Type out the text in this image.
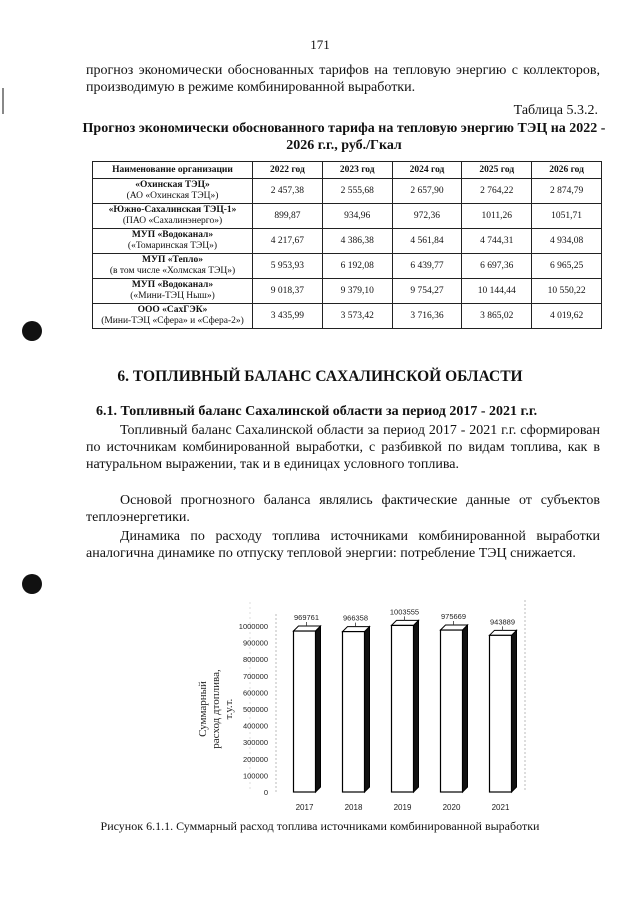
171
прогноз экономически обоснованных тарифов на тепловую энергию с коллекторов, производимую в режиме комбинированной выработки.
Таблица 5.3.2.
Прогноз экономически обоснованного тарифа на тепловую энергию ТЭЦ на 2022 - 2026 г.г., руб./Гкал
Наименование организации	2022 год	2023 год	2024 год	2025 год	2026 год

«Охинская ТЭЦ»
(АО «Охинская ТЭЦ»)	2 457,38	2 555,68	2 657,90	2 764,22	2 874,79

«Южно-Сахалинская ТЭЦ-1»
(ПАО «Сахалинэнерго»)	899,87	934,96	972,36	1011,26	1051,71

МУП «Водоканал»
(«Томаринская ТЭЦ»)	4 217,67	4 386,38	4 561,84	4 744,31	4 934,08

МУП «Тепло»
(в том числе «Холмская ТЭЦ»)	5 953,93	6 192,08	6 439,77	6 697,36	6 965,25

МУП «Водоканал»
(«Мини-ТЭЦ Ныш»)	9 018,37	9 379,10	9 754,27	10 144,44	10 550,22

ООО «СахГЭК»
(Мини-ТЭЦ «Сфера» и «Сфера-2»)	3 435,99	3 573,42	3 716,36	3 865,02	4 019,62
6. ТОПЛИВНЫЙ БАЛАНС САХАЛИНСКОЙ ОБЛАСТИ
6.1. Топливный баланс Сахалинской области за период 2017 - 2021 г.г.
Топливный баланс Сахалинской области за период 2017 - 2021 г.г. сформирован по источникам комбинированной выработки, с разбивкой по видам топлива, как в натуральном выражении, так и в единицах условного топлива.
Основой прогнозного баланса являлись фактические данные от субъектов теплоэнергетики.
Динамика по расходу топлива источниками комбинированной выработки аналогична динамике по отпуску тепловой энергии: потребление ТЭЦ снижается.
0
100000
200000
300000
400000
500000
600000
700000
800000
900000
1000000
Суммарный расход дтоплива, т.у.т.
969761
2017
966358
2018
1003555
2019
975669
2020
943889
2021
Рисунок 6.1.1. Суммарный расход топлива источниками комбинированной выработки
